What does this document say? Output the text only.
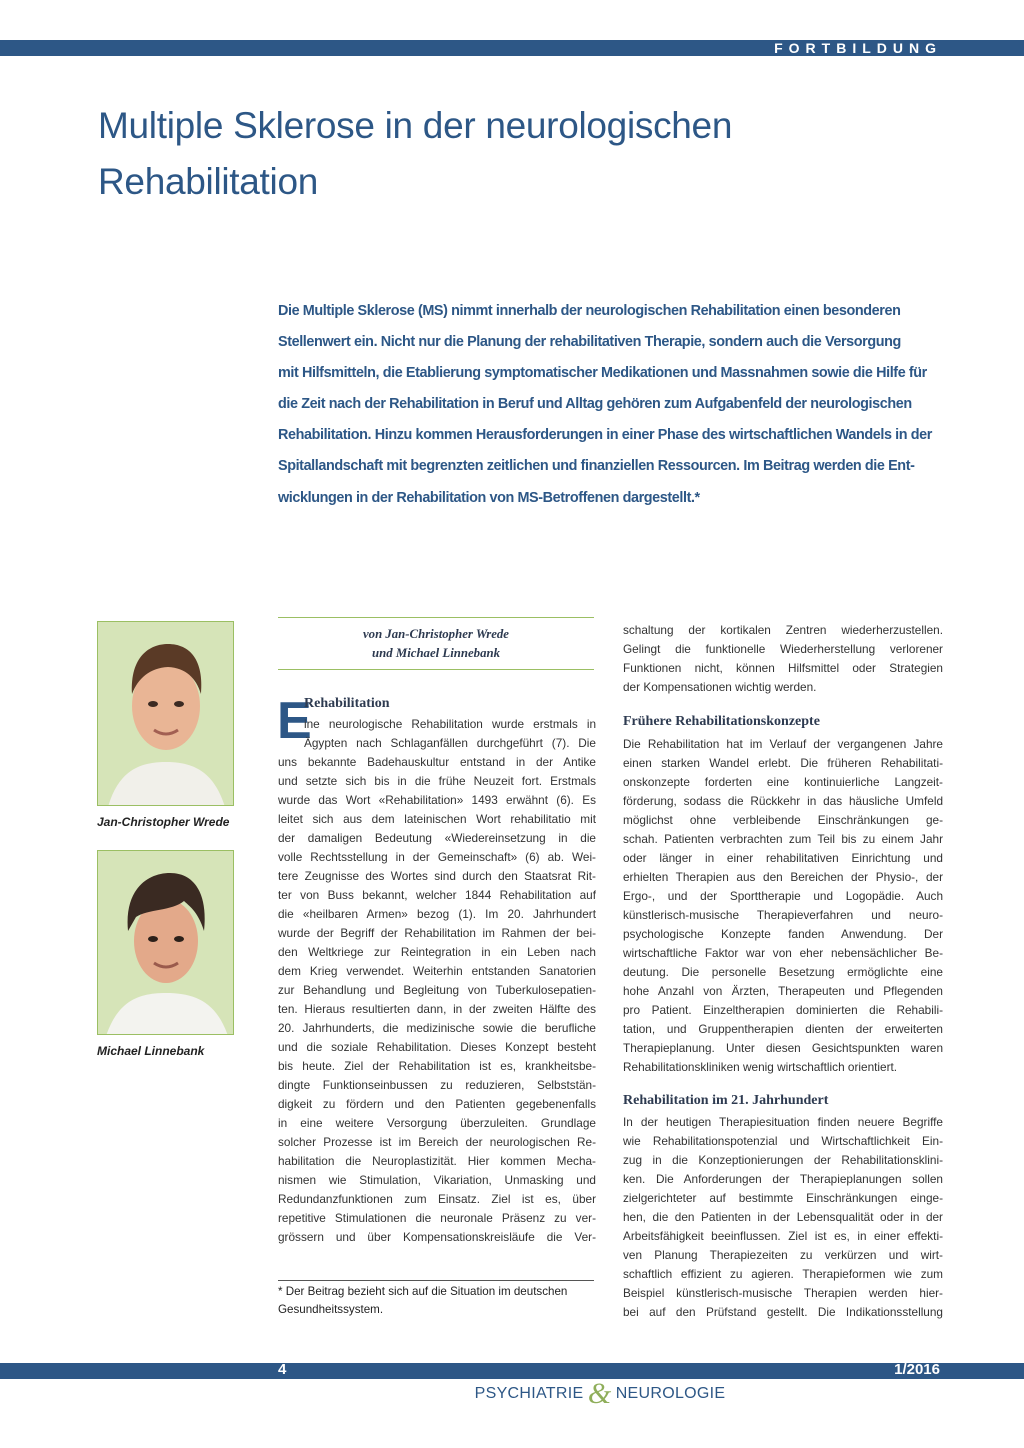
FORTBILDUNG
Multiple Sklerose in der neurologischen
Rehabilitation
Die Multiple Sklerose (MS) nimmt innerhalb der neurologischen Rehabilitation einen besonderen
Stellenwert ein. Nicht nur die Planung der rehabilitativen Therapie, sondern auch die Versorgung
mit Hilfsmitteln, die Etablierung symptomatischer Medikationen und Massnahmen sowie die Hilfe für
die Zeit nach der Rehabilitation in Beruf und Alltag gehören zum Aufgabenfeld der neurologischen
Rehabilitation. Hinzu kommen Herausforderungen in einer Phase des wirtschaftlichen Wandels in der
Spitallandschaft mit begrenzten zeitlichen und finanziellen Ressourcen. Im Beitrag werden die Ent-
wicklungen in der Rehabilitation von MS-Betroffenen dargestellt.*
Jan-Christopher Wrede
Michael Linnebank
von Jan-Christopher Wrede
und Michael Linnebank
E
Rehabilitation
ine neurologische Rehabilitation wurde erstmals in
Ägypten nach Schlaganfällen durchgeführt (7). Die
uns bekannte Badehauskultur entstand in der Antike
und setzte sich bis in die frühe Neuzeit fort. Erstmals
wurde das Wort «Rehabilitation» 1493 erwähnt (6). Es
leitet sich aus dem lateinischen Wort rehabilitatio mit
der damaligen Bedeutung «Wiedereinsetzung in die
volle Rechtsstellung in der Gemeinschaft» (6) ab. Wei-
tere Zeugnisse des Wortes sind durch den Staatsrat Rit-
ter von Buss bekannt, welcher 1844 Rehabilitation auf
die «heilbaren Armen» bezog (1). Im 20. Jahrhundert
wurde der Begriff der Rehabilitation im Rahmen der bei-
den Weltkriege zur Reintegration in ein Leben nach
dem Krieg verwendet. Weiterhin entstanden Sanatorien
zur Behandlung und Begleitung von Tuberkulosepatien-
ten. Hieraus resultierten dann, in der zweiten Hälfte des
20. Jahrhunderts, die medizinische sowie die berufliche
und die soziale Rehabilitation. Dieses Konzept besteht
bis heute. Ziel der Rehabilitation ist es, krankheitsbe-
dingte Funktionseinbussen zu reduzieren, Selbststän-
digkeit zu fördern und den Patienten gegebenenfalls
in eine weitere Versorgung überzuleiten. Grundlage
solcher Prozesse ist im Bereich der neurologischen Re-
habilitation die Neuroplastizität. Hier kommen Mecha-
nismen wie Stimulation, Vikariation, Unmasking und
Redundanzfunktionen zum Einsatz. Ziel ist es, über
repetitive Stimulationen die neuronale Präsenz zu ver-
grössern und über Kompensationskreisläufe die Ver-

* Der Beitrag bezieht sich auf die Situation im deutschen
Gesundheitssystem.

schaltung der kortikalen Zentren wiederherzustellen.
Gelingt die funktionelle Wiederherstellung verlorener
Funktionen nicht, können Hilfsmittel oder Strategien
der Kompensationen wichtig werden.
Frühere Rehabilitationskonzepte
Die Rehabilitation hat im Verlauf der vergangenen Jahre
einen starken Wandel erlebt. Die früheren Rehabilitati-
onskonzepte forderten eine kontinuierliche Langzeit-
förderung, sodass die Rückkehr in das häusliche Umfeld
möglichst ohne verbleibende Einschränkungen ge-
schah. Patienten verbrachten zum Teil bis zu einem Jahr
oder länger in einer rehabilitativen Einrichtung und
erhielten Therapien aus den Bereichen der Physio-, der
Ergo-, und der Sporttherapie und Logopädie. Auch
künstlerisch-musische Therapieverfahren und neuro-
psychologische Konzepte fanden Anwendung. Der
wirtschaftliche Faktor war von eher nebensächlicher Be-
deutung. Die personelle Besetzung ermöglichte eine
hohe Anzahl von Ärzten, Therapeuten und Pflegenden
pro Patient. Einzeltherapien dominierten die Rehabili-
tation, und Gruppentherapien dienten der erweiterten
Therapieplanung. Unter diesen Gesichtspunkten waren
Rehabilitationskliniken wenig wirtschaftlich orientiert.
Rehabilitation im 21. Jahrhundert
In der heutigen Therapiesituation finden neuere Begriffe
wie Rehabilitationspotenzial und Wirtschaftlichkeit Ein-
zug in die Konzeptionierungen der Rehabilitationsklini-
ken. Die Anforderungen der Therapieplanungen sollen
zielgerichteter auf bestimmte Einschränkungen einge-
hen, die den Patienten in der Lebensqualität oder in der
Arbeitsfähigkeit beeinflussen. Ziel ist es, in einer effekti-
ven Planung Therapiezeiten zu verkürzen und wirt-
schaftlich effizient zu agieren. Therapieformen wie zum
Beispiel künstlerisch-musische Therapien werden hier-
bei auf den Prüfstand gestellt. Die Indikationsstellung
4	1/2016
PSYCHIATRIE & NEUROLOGIE
